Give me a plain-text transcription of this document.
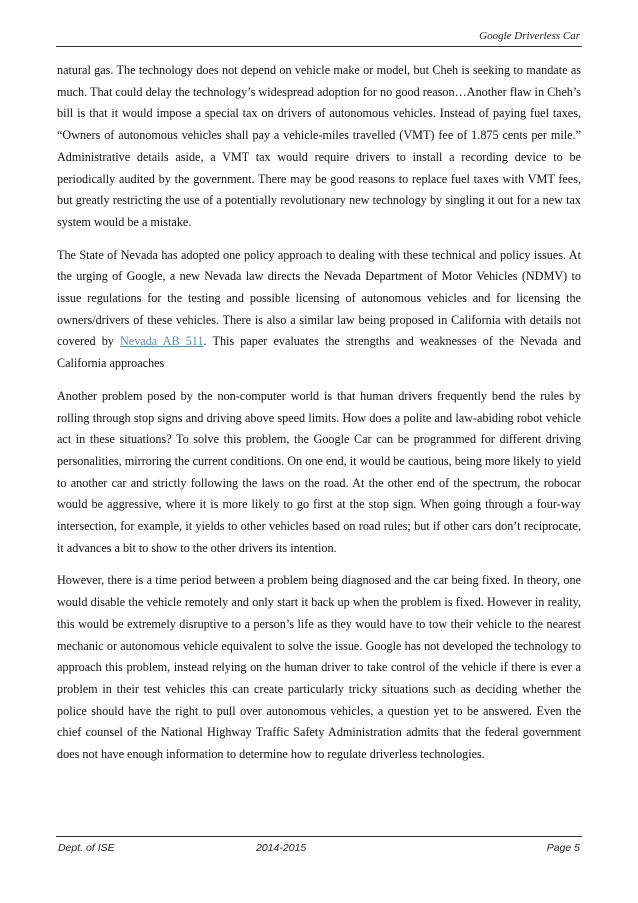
Google Driverless Car

natural gas. The technology does not depend on vehicle make or model, but Cheh is seeking to mandate as much. That could delay the technology’s widespread adoption for no good reason…Another flaw in Cheh’s bill is that it would impose a special tax on drivers of autonomous vehicles. Instead of paying fuel taxes, “Owners of autonomous vehicles shall pay a vehicle-miles travelled (VMT) fee of 1.875 cents per mile.” Administrative details aside, a VMT tax would require drivers to install a recording device to be periodically audited by the government. There may be good reasons to replace fuel taxes with VMT fees, but greatly restricting the use of a potentially revolutionary new technology by singling it out for a new tax system would be a mistake.

The State of Nevada has adopted one policy approach to dealing with these technical and policy issues. At the urging of Google, a new Nevada law directs the Nevada Department of Motor Vehicles (NDMV) to issue regulations for the testing and possible licensing of autonomous vehicles and for licensing the owners/drivers of these vehicles. There is also a similar law being proposed in California with details not covered by Nevada AB 511. This paper evaluates the strengths and weaknesses of the Nevada and California approaches

Another problem posed by the non-computer world is that human drivers frequently bend the rules by rolling through stop signs and driving above speed limits. How does a polite and law-abiding robot vehicle act in these situations? To solve this problem, the Google Car can be programmed for different driving personalities, mirroring the current conditions. On one end, it would be cautious, being more likely to yield to another car and strictly following the laws on the road. At the other end of the spectrum, the robocar would be aggressive, where it is more likely to go first at the stop sign. When going through a four-way intersection, for example, it yields to other vehicles based on road rules; but if other cars don’t reciprocate, it advances a bit to show to the other drivers its intention.

However, there is a time period between a problem being diagnosed and the car being fixed. In theory, one would disable the vehicle remotely and only start it back up when the problem is fixed. However in reality, this would be extremely disruptive to a person’s life as they would have to tow their vehicle to the nearest mechanic or autonomous vehicle equivalent to solve the issue. Google has not developed the technology to approach this problem, instead relying on the human driver to take control of the vehicle if there is ever a problem in their test vehicles this can create particularly tricky situations such as deciding whether the police should have the right to pull over autonomous vehicles, a question yet to be answered. Even the chief counsel of the National Highway Traffic Safety Administration admits that the federal government does not have enough information to determine how to regulate driverless technologies.

Dept. of ISE	2014-2015	Page 5
